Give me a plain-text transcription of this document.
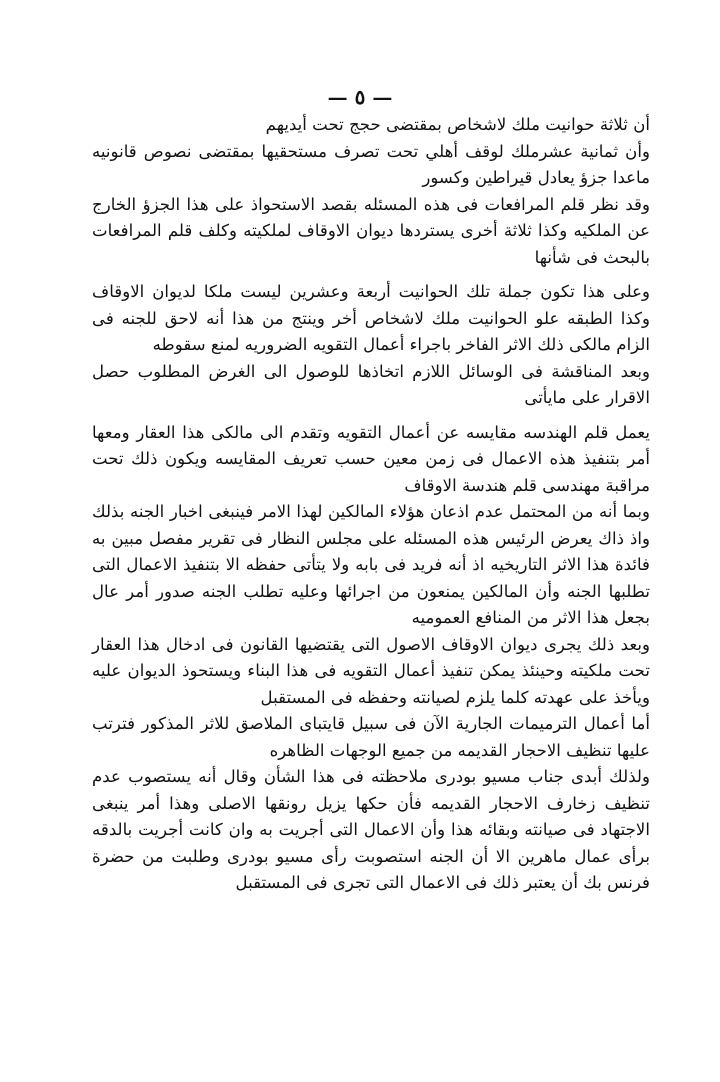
— ٥ —

أن ثلاثة حوانيت ملك لاشخاص بمقتضى حجج تحت أيديهم

وأن ثمانية عشرملك لوقف أهلي تحت تصرف مستحقيها بمقتضى نصوص قانونيه ماعدا جزؤ يعادل قيراطين وكسور

وقد نظر قلم المرافعات فى هذه المسئله بقصد الاستحواذ على هذا الجزؤ الخارج عن الملكيه وكذا ثلاثة أخرى يستردها ديوان الاوقاف لملكيته وكلف قلم المرافعات بالبحث فى شأنها

وعلى هذا تكون جملة تلك الحوانيت أربعة وعشرين ليست ملكا لديوان الاوقاف وكذا الطبقه علو الحوانيت ملك لاشخاص أخر وينتج من هذا أنه لاحق للجنه فى الزام مالكى ذلك الاثر الفاخر باجراء أعمال التقويه الضروريه لمنع سقوطه

وبعد المناقشة فى الوسائل اللازم اتخاذها للوصول الى الغرض المطلوب حصل الاقرار على مايأتى

يعمل قلم الهندسه مقايسه عن أعمال التقويه وتقدم الى مالكى هذا العقار ومعها أمر بتنفيذ هذه الاعمال فى زمن معين حسب تعريف المقايسه ويكون ذلك تحت مراقبة مهندسى قلم هندسة الاوقاف

وبما أنه من المحتمل عدم اذعان هؤلاء المالكين لهذا الامر فينبغى اخبار الجنه بذلك واذ ذاك يعرض الرئيس هذه المسئله على مجلس النظار فى تقرير مفصل مبين به فائدة هذا الاثر التاريخيه اذ أنه فريد فى بابه ولا يتأتى حفظه الا بتنفيذ الاعمال التى تطلبها الجنه وأن المالكين يمنعون من اجرائها وعليه تطلب الجنه صدور أمر عال بجعل هذا الاثر من المنافع العموميه

وبعد ذلك يجرى ديوان الاوقاف الاصول التى يقتضيها القانون فى ادخال هذا العقار تحت ملكيته وحينئذ يمكن تنفيذ أعمال التقويه فى هذا البناء ويستحوذ الديوان عليه ويأخذ على عهدته كلما يلزم لصيانته وحفظه فى المستقبل

أما أعمال الترميمات الجارية الآن فى سبيل قايتباى الملاصق للاثر المذكور فترتب عليها تنظيف الاحجار القديمه من جميع الوجهات الظاهره

ولذلك أبدى جناب مسيو بودرى ملاحظته فى هذا الشأن وقال أنه يستصوب عدم تنظيف زخارف الاحجار القديمه فأن حكها يزيل رونقها الاصلى وهذا أمر ينبغى الاجتهاد فى صيانته وبقائه هذا وأن الاعمال التى أجريت به وان كانت أجريت بالدقه برأى عمال ماهرين الا أن الجنه استصوبت رأى مسيو بودرى وطلبت من حضرة فرنس بك أن يعتبر ذلك فى الاعمال التى تجرى فى المستقبل
